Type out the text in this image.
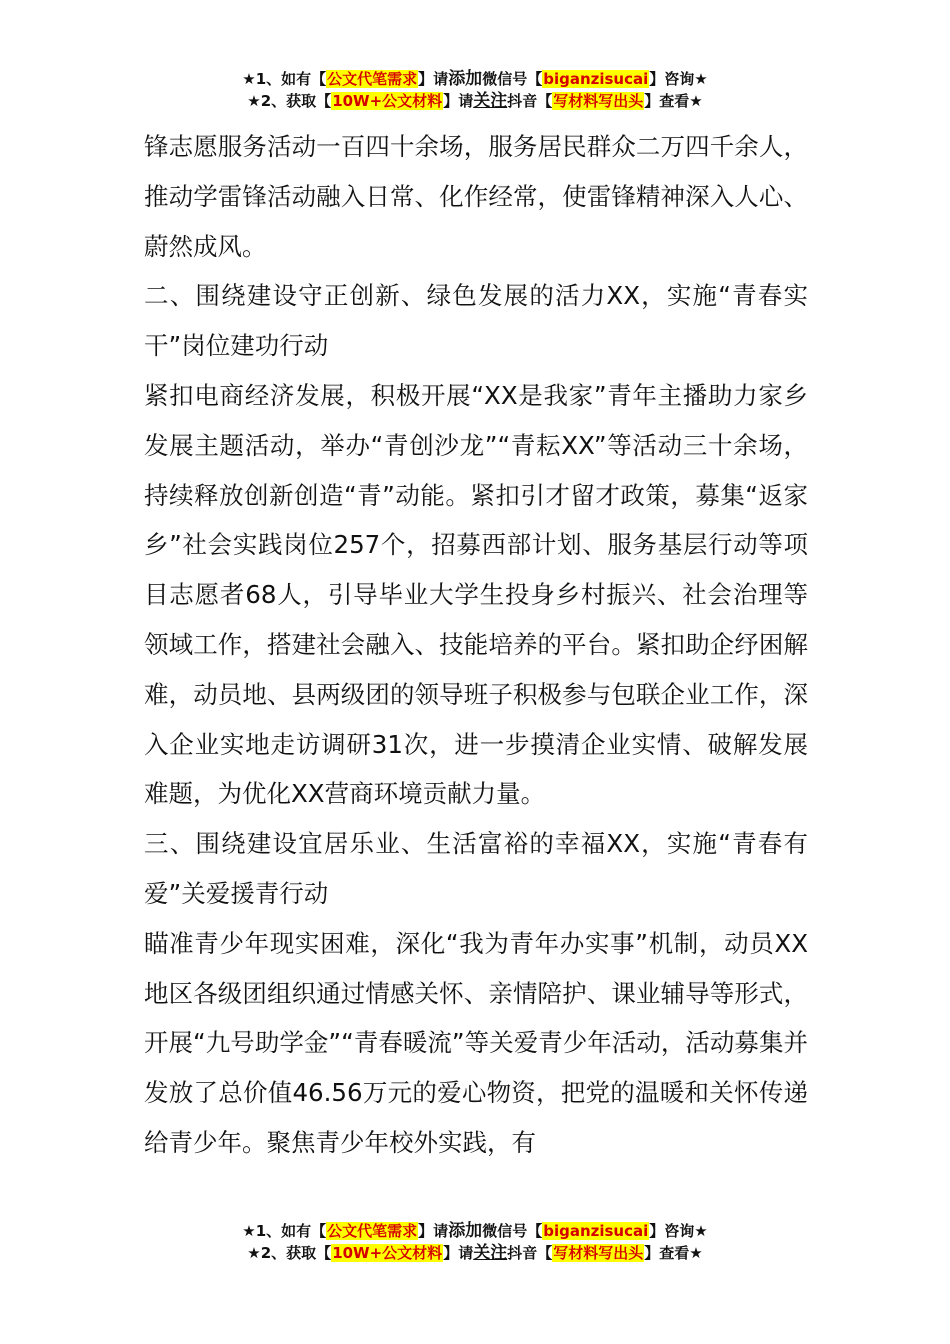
★1、如有【公文代笔需求】请添加微信号【biganzisucai】咨询★
★2、获取【10W+公文材料】请关注抖音【写材料写出头】查看★

锋志愿服务活动一百四十余场，服务居民群众二万四千余人，推动学雷锋活动融入日常、化作经常，使雷锋精神深入人心、蔚然成风。

二、围绕建设守正创新、绿色发展的活力XX，实施“青春实干”岗位建功行动

紧扣电商经济发展，积极开展“XX是我家”青年主播助力家乡发展主题活动，举办“青创沙龙”“青耘XX”等活动三十余场，持续释放创新创造“青”动能。紧扣引才留才政策，募集“返家乡”社会实践岗位257个，招募西部计划、服务基层行动等项目志愿者68人，引导毕业大学生投身乡村振兴、社会治理等领域工作，搭建社会融入、技能培养的平台。紧扣助企纾困解难，动员地、县两级团的领导班子积极参与包联企业工作，深入企业实地走访调研31次，进一步摸清企业实情、破解发展难题，为优化XX营商环境贡献力量。

三、围绕建设宜居乐业、生活富裕的幸福XX，实施“青春有爱”关爱援青行动

瞄准青少年现实困难，深化“我为青年办实事”机制，动员XX地区各级团组织通过情感关怀、亲情陪护、课业辅导等形式，开展“九号助学金”“青春暖流”等关爱青少年活动，活动募集并发放了总价值46.56万元的爱心物资，把党的温暖和关怀传递给青少年。聚焦青少年校外实践，有

★1、如有【公文代笔需求】请添加微信号【biganzisucai】咨询★
★2、获取【10W+公文材料】请关注抖音【写材料写出头】查看★
